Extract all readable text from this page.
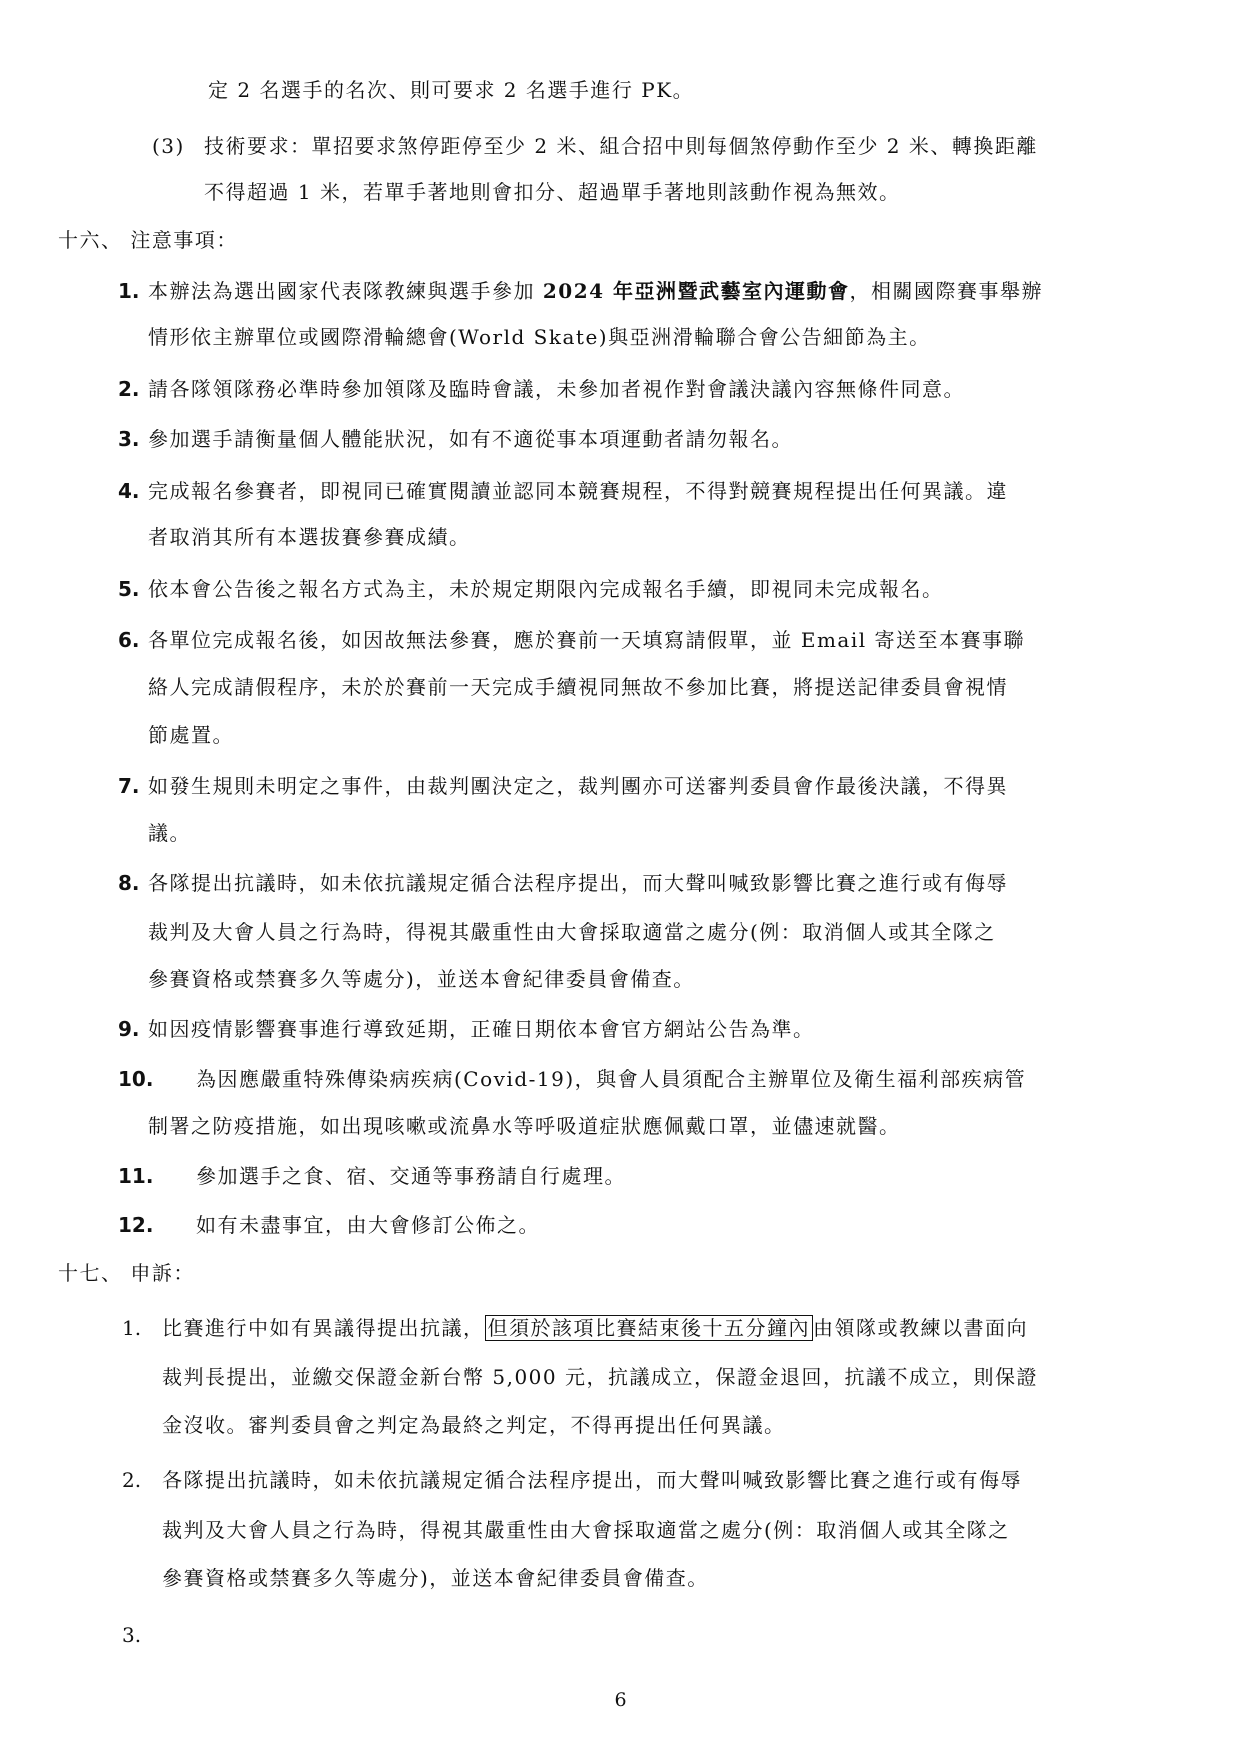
定 2 名選手的名次、則可要求 2 名選手進行 PK。
(3) 技術要求：單招要求煞停距停至少 2 米、組合招中則每個煞停動作至少 2 米、轉換距離
不得超過 1 米，若單手著地則會扣分、超過單手著地則該動作視為無效。
十六、 注意事項：
1. 本辦法為選出國家代表隊教練與選手參加 2024 年亞洲暨武藝室內運動會，相關國際賽事舉辦
情形依主辦單位或國際滑輪總會(World Skate)與亞洲滑輪聯合會公告細節為主。
2. 請各隊領隊務必準時參加領隊及臨時會議，未參加者視作對會議決議內容無條件同意。
3. 參加選手請衡量個人體能狀況，如有不適從事本項運動者請勿報名。
4. 完成報名參賽者，即視同已確實閱讀並認同本競賽規程，不得對競賽規程提出任何異議。違
者取消其所有本選拔賽參賽成績。
5. 依本會公告後之報名方式為主，未於規定期限內完成報名手續，即視同未完成報名。
6. 各單位完成報名後，如因故無法參賽，應於賽前一天填寫請假單，並 Email 寄送至本賽事聯
絡人完成請假程序，未於於賽前一天完成手續視同無故不參加比賽，將提送記律委員會視情
節處置。
7. 如發生規則未明定之事件，由裁判團決定之，裁判團亦可送審判委員會作最後決議，不得異
議。
8. 各隊提出抗議時，如未依抗議規定循合法程序提出，而大聲叫喊致影響比賽之進行或有侮辱
裁判及大會人員之行為時，得視其嚴重性由大會採取適當之處分(例：取消個人或其全隊之
參賽資格或禁賽多久等處分)，並送本會紀律委員會備查。
9. 如因疫情影響賽事進行導致延期，正確日期依本會官方網站公告為準。
10. 為因應嚴重特殊傳染病疾病(Covid-19)，與會人員須配合主辦單位及衛生福利部疾病管
制署之防疫措施，如出現咳嗽或流鼻水等呼吸道症狀應佩戴口罩，並儘速就醫。
11. 參加選手之食、宿、交通等事務請自行處理。
12. 如有未盡事宜，由大會修訂公佈之。
十七、 申訴：
1. 比賽進行中如有異議得提出抗議， 但須於該項比賽結束後十五分鐘內 由領隊或教練以書面向
裁判長提出，並繳交保證金新台幣 5,000 元，抗議成立，保證金退回，抗議不成立，則保證
金沒收。審判委員會之判定為最終之判定，不得再提出任何異議。
2. 各隊提出抗議時，如未依抗議規定循合法程序提出，而大聲叫喊致影響比賽之進行或有侮辱
裁判及大會人員之行為時，得視其嚴重性由大會採取適當之處分(例：取消個人或其全隊之
參賽資格或禁賽多久等處分)，並送本會紀律委員會備查。
3.
6
